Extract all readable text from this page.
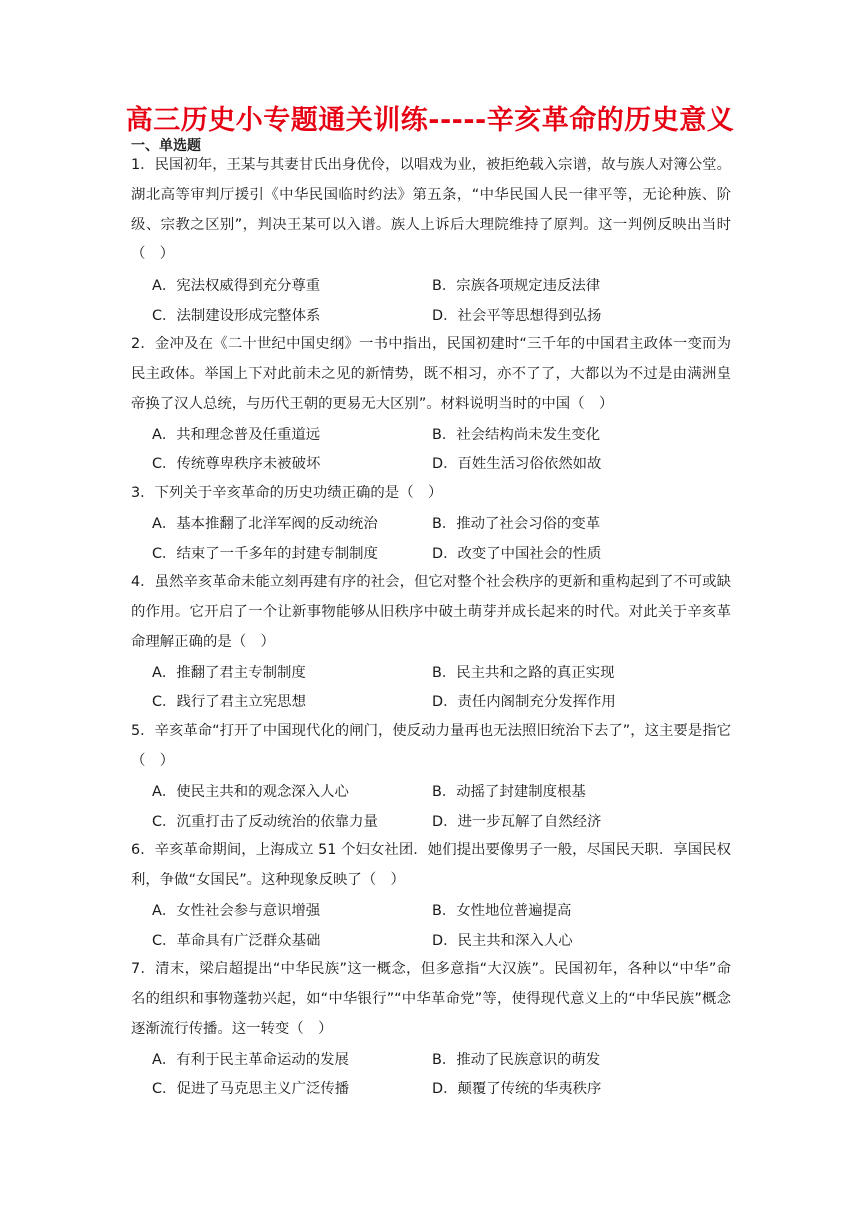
高三历史小专题通关训练-----辛亥革命的历史意义
一、单选题
1．民国初年，王某与其妻甘氏出身优伶，以唱戏为业，被拒绝载入宗谱，故与族人对簿公堂。湖北高等审判厅援引《中华民国临时约法》第五条，“中华民国人民一律平等，无论种族、阶级、宗教之区别”，判决王某可以入谱。族人上诉后大理院维持了原判。这一判例反映出当时（　）
A．宪法权威得到充分尊重	B．宗族各项规定违反法律
C．法制建设形成完整体系	D．社会平等思想得到弘扬
2．金冲及在《二十世纪中国史纲》一书中指出，民国初建时“三千年的中国君主政体一变而为民主政体。举国上下对此前未之见的新情势，既不相习，亦不了了，大都以为不过是由满洲皇帝换了汉人总统，与历代王朝的更易无大区别”。材料说明当时的中国（　）
A．共和理念普及任重道远	B．社会结构尚未发生变化
C．传统尊卑秩序未被破坏	D．百姓生活习俗依然如故
3．下列关于辛亥革命的历史功绩正确的是（　）
A．基本推翻了北洋军阀的反动统治	B．推动了社会习俗的变革
C．结束了一千多年的封建专制制度	D．改变了中国社会的性质
4．虽然辛亥革命未能立刻再建有序的社会，但它对整个社会秩序的更新和重构起到了不可或缺的作用。它开启了一个让新事物能够从旧秩序中破土萌芽并成长起来的时代。对此关于辛亥革命理解正确的是（　）
A．推翻了君主专制制度	B．民主共和之路的真正实现
C．践行了君主立宪思想	D．责任内阁制充分发挥作用
5．辛亥革命“打开了中国现代化的闸门，使反动力量再也无法照旧统治下去了”，这主要是指它（　）
A．使民主共和的观念深入人心	B．动摇了封建制度根基
C．沉重打击了反动统治的依靠力量	D．进一步瓦解了自然经济
6．辛亥革命期间，上海成立 51 个妇女社团．她们提出要像男子一般，尽国民天职．享国民权利，争做“女国民”。这种现象反映了（　）
A．女性社会参与意识增强	B．女性地位普遍提高
C．革命具有广泛群众基础	D．民主共和深入人心
7．清末，梁启超提出“中华民族”这一概念，但多意指“大汉族”。民国初年，各种以“中华”命名的组织和事物蓬勃兴起，如“中华银行”“中华革命党”等，使得现代意义上的“中华民族”概念逐渐流行传播。这一转变（　）
A．有利于民主革命运动的发展	B．推动了民族意识的萌发
C．促进了马克思主义广泛传播	D．颠覆了传统的华夷秩序
